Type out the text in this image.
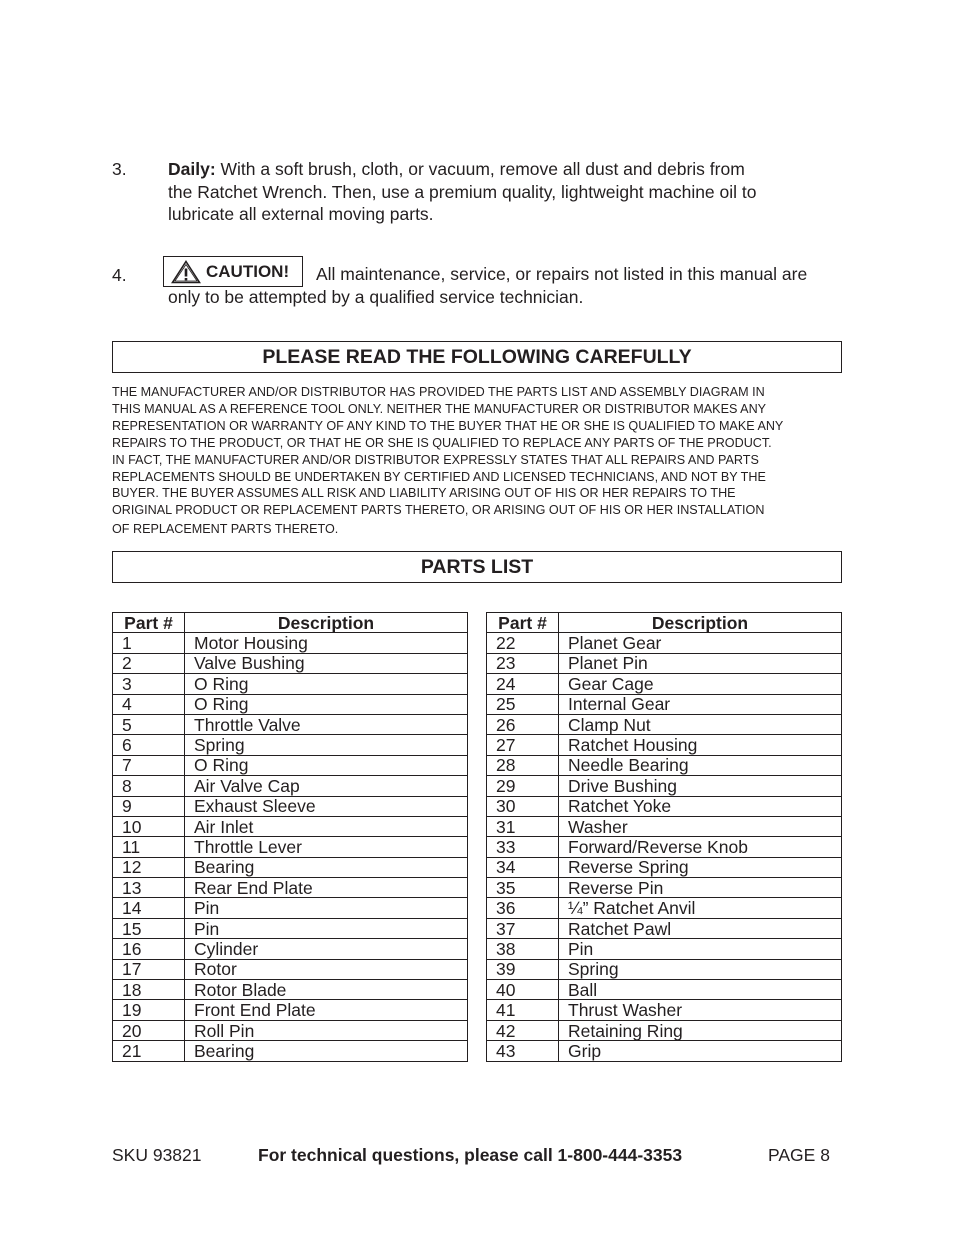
3. Daily: With a soft brush, cloth, or vacuum, remove all dust and debris from
the Ratchet Wrench. Then, use a premium quality, lightweight machine oil to
lubricate all external moving parts.
4.	CAUTION! All maintenance, service, or repairs not listed in this manual are
only to be attempted by a qualified service technician.
PLEASE READ THE FOLLOWING CAREFULLY
THE MANUFACTURER AND/OR DISTRIBUTOR HAS PROVIDED THE PARTS LIST AND ASSEMBLY DIAGRAM IN
THIS MANUAL AS A REFERENCE TOOL ONLY. NEITHER THE MANUFACTURER OR DISTRIBUTOR MAKES ANY
REPRESENTATION OR WARRANTY OF ANY KIND TO THE BUYER THAT HE OR SHE IS QUALIFIED TO MAKE ANY
REPAIRS TO THE PRODUCT, OR THAT HE OR SHE IS QUALIFIED TO REPLACE ANY PARTS OF THE PRODUCT.
IN FACT, THE MANUFACTURER AND/OR DISTRIBUTOR EXPRESSLY STATES THAT ALL REPAIRS AND PARTS
REPLACEMENTS SHOULD BE UNDERTAKEN BY CERTIFIED AND LICENSED TECHNICIANS, AND NOT BY THE
BUYER. THE BUYER ASSUMES ALL RISK AND LIABILITY ARISING OUT OF HIS OR HER REPAIRS TO THE
ORIGINAL PRODUCT OR REPLACEMENT PARTS THERETO, OR ARISING OUT OF HIS OR HER INSTALLATION
OF REPLACEMENT PARTS THERETO.
PARTS LIST
Part #	Description
1	Motor Housing
2	Valve Bushing
3	O Ring
4	O Ring
5	Throttle Valve
6	Spring
7	O Ring
8	Air Valve Cap
9	Exhaust Sleeve
10	Air Inlet
11	Throttle Lever
12	Bearing
13	Rear End Plate
14	Pin
15	Pin
16	Cylinder
17	Rotor
18	Rotor Blade
19	Front End Plate
20	Roll Pin
21	Bearing
Part #	Description
22	Planet Gear
23	Planet Pin
24	Gear Cage
25	Internal Gear
26	Clamp Nut
27	Ratchet Housing
28	Needle Bearing
29	Drive Bushing
30	Ratchet Yoke
31	Washer
33	Forward/Reverse Knob
34	Reverse Spring
35	Reverse Pin
36	¼” Ratchet Anvil
37	Ratchet Pawl
38	Pin
39	Spring
40	Ball
41	Thrust Washer
42	Retaining Ring
43	Grip
SKU 93821	For technical questions, please call 1-800-444-3353	PAGE 8
